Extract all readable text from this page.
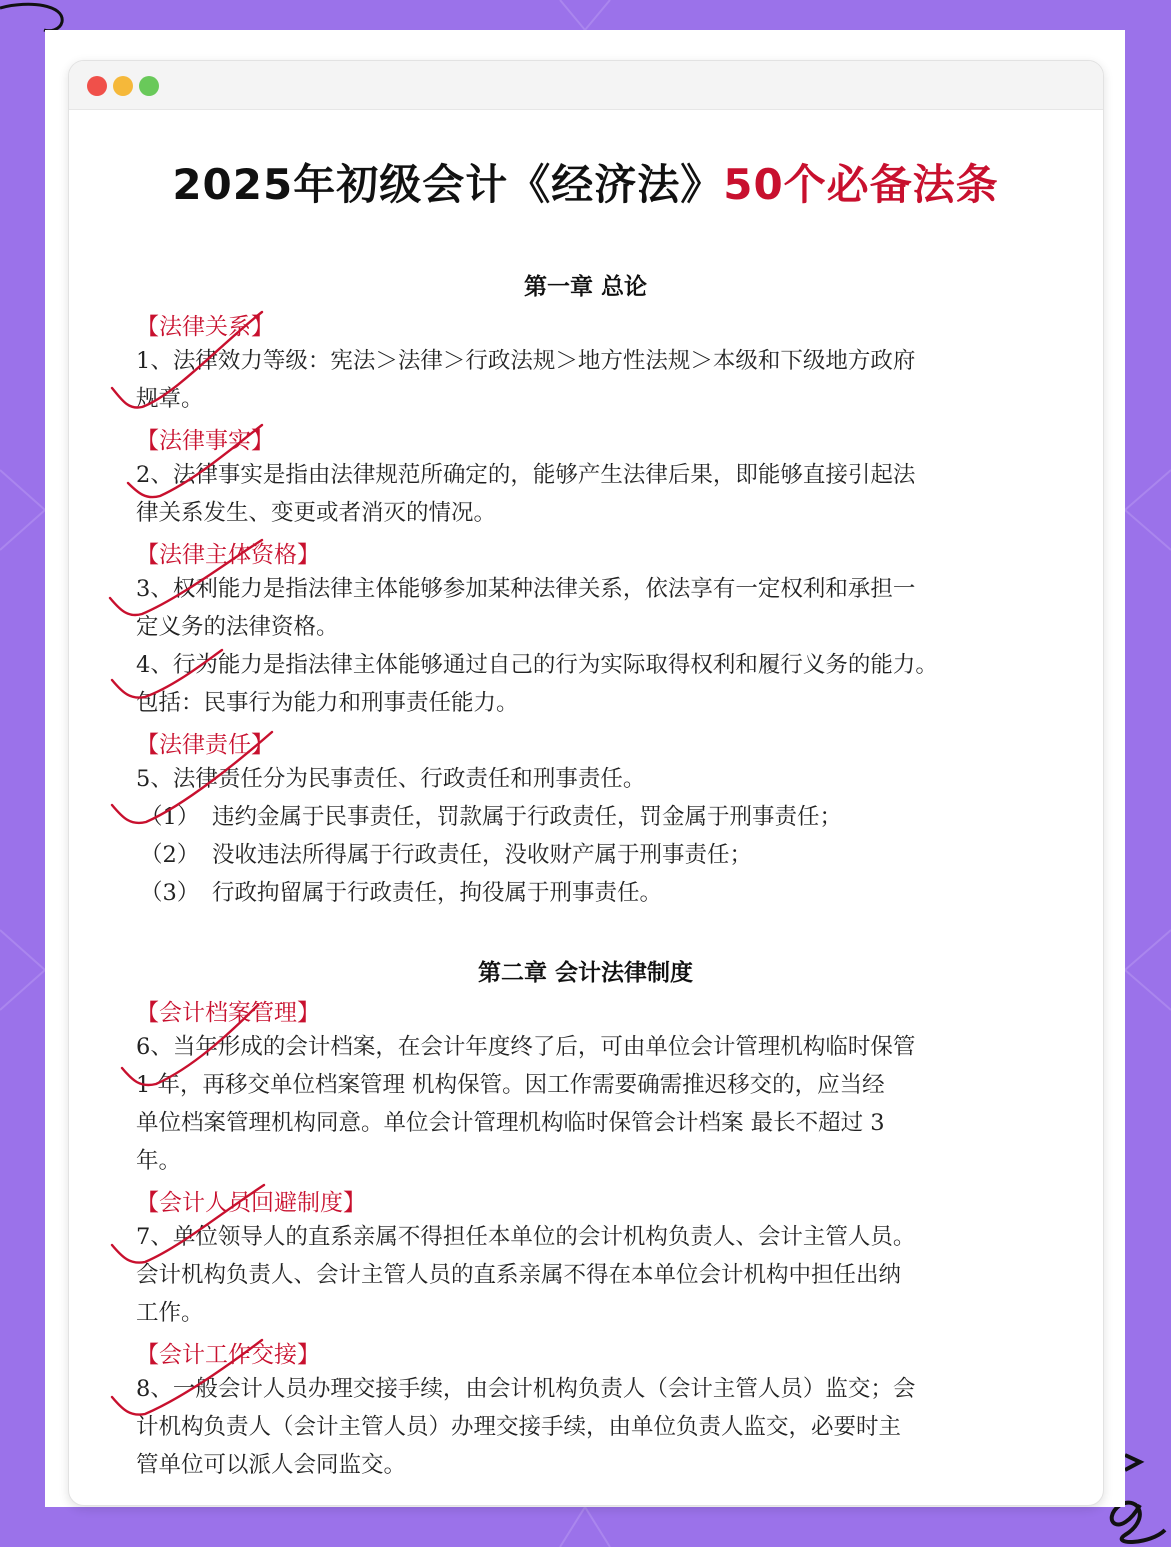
2025年初级会计《经济法》50个必备法条
第一章 总论
【法律关系】
1、法律效力等级：宪法＞法律＞行政法规＞地方性法规＞本级和下级地方政府
规章。
【法律事实】
2、法律事实是指由法律规范所确定的，能够产生法律后果，即能够直接引起法
律关系发生、变更或者消灭的情况。
【法律主体资格】
3、权利能力是指法律主体能够参加某种法律关系，依法享有一定权利和承担一
定义务的法律资格。
4、行为能力是指法律主体能够通过自己的行为实际取得权利和履行义务的能力。
包括：民事行为能力和刑事责任能力。
【法律责任】
5、法律责任分为民事责任、行政责任和刑事责任。
（1） 违约金属于民事责任，罚款属于行政责任，罚金属于刑事责任；
（2） 没收违法所得属于行政责任，没收财产属于刑事责任；
（3） 行政拘留属于行政责任，拘役属于刑事责任。
第二章 会计法律制度
【会计档案管理】
6、当年形成的会计档案，在会计年度终了后，可由单位会计管理机构临时保管
1 年，再移交单位档案管理 机构保管。因工作需要确需推迟移交的，应当经
单位档案管理机构同意。单位会计管理机构临时保管会计档案 最长不超过 3
年。
【会计人员回避制度】
7、单位领导人的直系亲属不得担任本单位的会计机构负责人、会计主管人员。
会计机构负责人、会计主管人员的直系亲属不得在本单位会计机构中担任出纳
工作。
【会计工作交接】
8、一般会计人员办理交接手续，由会计机构负责人（会计主管人员）监交；会
计机构负责人（会计主管人员）办理交接手续，由单位负责人监交，必要时主
管单位可以派人会同监交。
